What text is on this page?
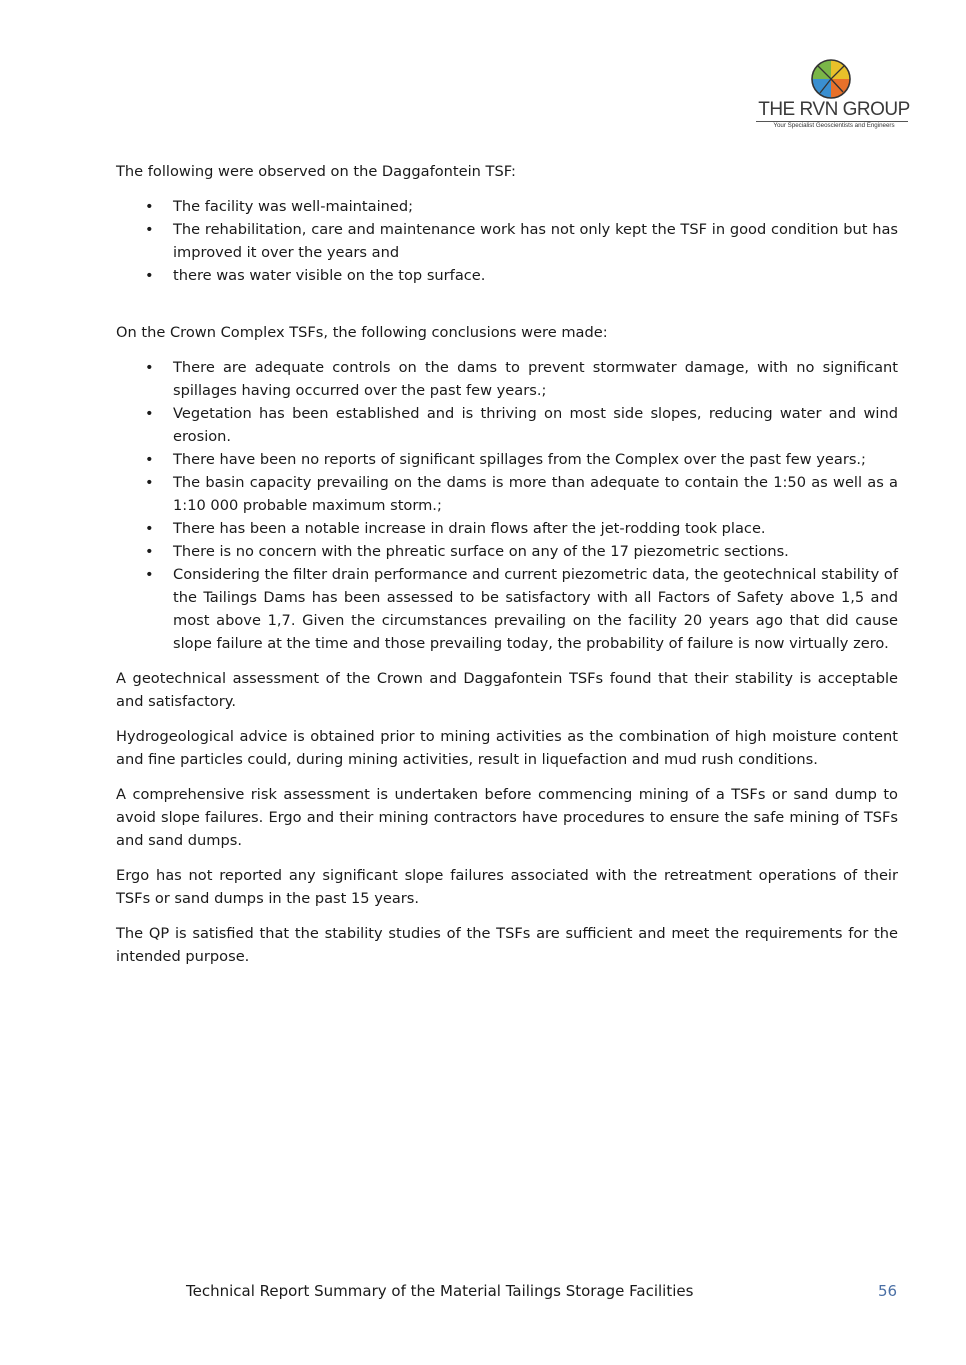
THE RVN GROUP
Your Specialist Geoscientists and Engineers

The following were observed on the Daggafontein TSF:

• The facility was well-maintained;
• The rehabilitation, care and maintenance work has not only kept the TSF in good condition but has improved it over the years and
• there was water visible on the top surface.

On the Crown Complex TSFs, the following conclusions were made:

• There are adequate controls on the dams to prevent stormwater damage, with no significant spillages having occurred over the past few years.;
• Vegetation has been established and is thriving on most side slopes, reducing water and wind erosion.
• There have been no reports of significant spillages from the Complex over the past few years.;
• The basin capacity prevailing on the dams is more than adequate to contain the 1:50 as well as a 1:10 000 probable maximum storm.;
• There has been a notable increase in drain flows after the jet-rodding took place.
• There is no concern with the phreatic surface on any of the 17 piezometric sections.
• Considering the filter drain performance and current piezometric data, the geotechnical stability of the Tailings Dams has been assessed to be satisfactory with all Factors of Safety above 1,5 and most above 1,7. Given the circumstances prevailing on the facility 20 years ago that did cause slope failure at the time and those prevailing today, the probability of failure is now virtually zero.

A geotechnical assessment of the Crown and Daggafontein TSFs found that their stability is acceptable and satisfactory.

Hydrogeological advice is obtained prior to mining activities as the combination of high moisture content and fine particles could, during mining activities, result in liquefaction and mud rush conditions.

A comprehensive risk assessment is undertaken before commencing mining of a TSFs or sand dump to avoid slope failures. Ergo and their mining contractors have procedures to ensure the safe mining of TSFs and sand dumps.

Ergo has not reported any significant slope failures associated with the retreatment operations of their TSFs or sand dumps in the past 15 years.

The QP is satisfied that the stability studies of the TSFs are sufficient and meet the requirements for the intended purpose.

Technical Report Summary of the Material Tailings Storage Facilities	56
